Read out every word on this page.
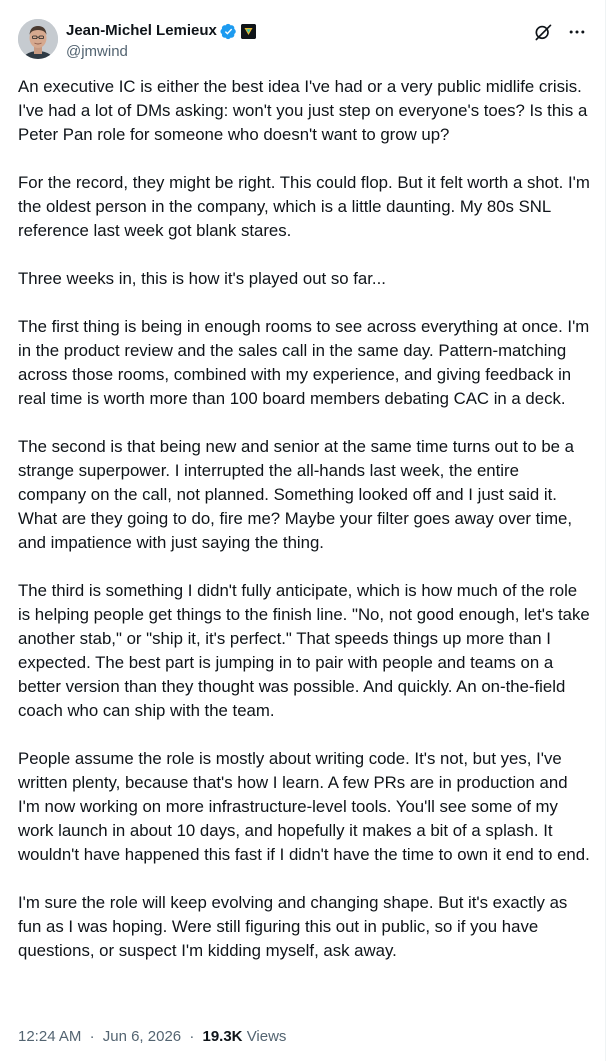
Jean-Michel Lemieux
@jmwind

An executive IC is either the best idea I've had or a very public midlife crisis. I've had a lot of DMs asking: won't you just step on everyone's toes? Is this a Peter Pan role for someone who doesn't want to grow up?

For the record, they might be right. This could flop. But it felt worth a shot. I'm the oldest person in the company, which is a little daunting. My 80s SNL reference last week got blank stares.

Three weeks in, this is how it's played out so far...

The first thing is being in enough rooms to see across everything at once. I'm in the product review and the sales call in the same day. Pattern-matching across those rooms, combined with my experience, and giving feedback in real time is worth more than 100 board members debating CAC in a deck.

The second is that being new and senior at the same time turns out to be a strange superpower. I interrupted the all-hands last week, the entire company on the call, not planned. Something looked off and I just said it. What are they going to do, fire me? Maybe your filter goes away over time, and impatience with just saying the thing.

The third is something I didn't fully anticipate, which is how much of the role is helping people get things to the finish line. "No, not good enough, let's take another stab," or "ship it, it's perfect." That speeds things up more than I expected. The best part is jumping in to pair with people and teams on a better version than they thought was possible. And quickly. An on-the-field coach who can ship with the team.

People assume the role is mostly about writing code. It's not, but yes, I've written plenty, because that's how I learn. A few PRs are in production and I'm now working on more infrastructure-level tools. You'll see some of my work launch in about 10 days, and hopefully it makes a bit of a splash. It wouldn't have happened this fast if I didn't have the time to own it end to end.

I'm sure the role will keep evolving and changing shape. But it's exactly as fun as I was hoping. Were still figuring this out in public, so if you have questions, or suspect I'm kidding myself, ask away.

12:24 AM · Jun 6, 2026 · 19.3K Views
